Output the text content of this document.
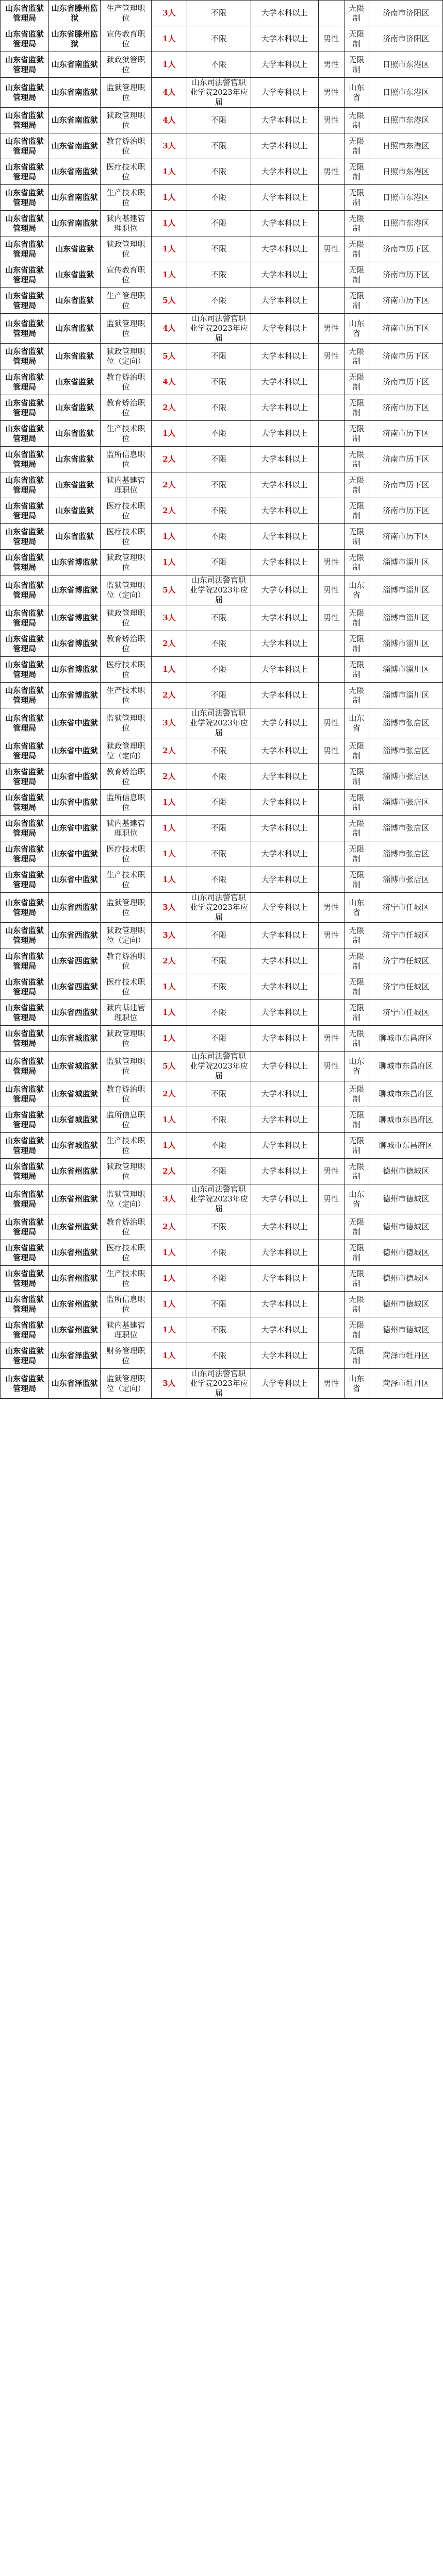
山东省监狱管理局	山东省滕州监狱	生产管理职位	3人	不限	大学本科以上		无限制	济南市济阳区
山东省监狱管理局	山东省滕州监狱	宣传教育职位	1人	不限	大学本科以上	男性	无限制	济南市济阳区
山东省监狱管理局	山东省南监狱	狱政狱管职位	1人	不限	大学本科以上	男性	无限制	日照市东港区
山东省监狱管理局	山东省南监狱	监狱管理职位	4人	山东司法警官职业学院2023年应届	大学专科以上	男性	山东省	日照市东港区
山东省监狱管理局	山东省南监狱	狱政管理职位	4人	不限	大学本科以上	男性	无限制	日照市东港区
山东省监狱管理局	山东省南监狱	教育矫治职位	3人	不限	大学本科以上		无限制	日照市东港区
山东省监狱管理局	山东省南监狱	医疗技术职位	1人	不限	大学本科以上	男性	无限制	日照市东港区
山东省监狱管理局	山东省南监狱	生产技术职位	1人	不限	大学本科以上		无限制	日照市东港区
山东省监狱管理局	山东省南监狱	狱内基建管理职位	1人	不限	大学本科以上		无限制	日照市东港区
山东省监狱管理局	山东省监狱	狱政管理职位	1人	不限	大学本科以上	男性	无限制	济南市历下区
山东省监狱管理局	山东省监狱	宣传教育职位	1人	不限	大学本科以上		无限制	济南市历下区
山东省监狱管理局	山东省监狱	生产管理职位	5人	不限	大学本科以上		无限制	济南市历下区
山东省监狱管理局	山东省监狱	监狱管理职位	4人	山东司法警官职业学院2023年应届	大学专科以上	男性	山东省	济南市历下区
山东省监狱管理局	山东省监狱	狱政管理职位（定向）	5人	不限	大学本科以上	男性	无限制	济南市历下区
山东省监狱管理局	山东省监狱	教育矫治职位	4人	不限	大学本科以上		无限制	济南市历下区
山东省监狱管理局	山东省监狱	教育矫治职位	2人	不限	大学本科以上		无限制	济南市历下区
山东省监狱管理局	山东省监狱	生产技术职位	1人	不限	大学本科以上		无限制	济南市历下区
山东省监狱管理局	山东省监狱	监所信息职位	2人	不限	大学本科以上		无限制	济南市历下区
山东省监狱管理局	山东省监狱	狱内基建管理职位	2人	不限	大学本科以上		无限制	济南市历下区
山东省监狱管理局	山东省监狱	医疗技术职位	2人	不限	大学本科以上		无限制	济南市历下区
山东省监狱管理局	山东省监狱	医疗技术职位	1人	不限	大学本科以上		无限制	济南市历下区
山东省监狱管理局	山东省博监狱	狱政管理职位	1人	不限	大学本科以上	男性	无限制	淄博市淄川区
山东省监狱管理局	山东省博监狱	监狱管理职位（定向）	5人	山东司法警官职业学院2023年应届	大学专科以上	男性	山东省	淄博市淄川区
山东省监狱管理局	山东省博监狱	狱政管理职位	3人	不限	大学本科以上	男性	无限制	淄博市淄川区
山东省监狱管理局	山东省博监狱	教育矫治职位	2人	不限	大学本科以上		无限制	淄博市淄川区
山东省监狱管理局	山东省博监狱	医疗技术职位	1人	不限	大学本科以上		无限制	淄博市淄川区
山东省监狱管理局	山东省博监狱	生产技术职位	2人	不限	大学本科以上		无限制	淄博市淄川区
山东省监狱管理局	山东省中监狱	监狱管理职位	3人	山东司法警官职业学院2023年应届	大学专科以上	男性	山东省	淄博市张店区
山东省监狱管理局	山东省中监狱	狱政管理职位（定向）	2人	不限	大学本科以上	男性	无限制	淄博市张店区
山东省监狱管理局	山东省中监狱	教育矫治职位	2人	不限	大学本科以上		无限制	淄博市张店区
山东省监狱管理局	山东省中监狱	监所信息职位	1人	不限	大学本科以上		无限制	淄博市张店区
山东省监狱管理局	山东省中监狱	狱内基建管理职位	1人	不限	大学本科以上		无限制	淄博市张店区
山东省监狱管理局	山东省中监狱	医疗技术职位	1人	不限	大学本科以上		无限制	淄博市张店区
山东省监狱管理局	山东省中监狱	生产技术职位	1人	不限	大学本科以上		无限制	淄博市张店区
山东省监狱管理局	山东省西监狱	监狱管理职位	3人	山东司法警官职业学院2023年应届	大学专科以上	男性	山东省	济宁市任城区
山东省监狱管理局	山东省西监狱	狱政管理职位（定向）	3人	不限	大学本科以上	男性	无限制	济宁市任城区
山东省监狱管理局	山东省西监狱	教育矫治职位	2人	不限	大学本科以上		无限制	济宁市任城区
山东省监狱管理局	山东省西监狱	医疗技术职位	1人	不限	大学本科以上		无限制	济宁市任城区
山东省监狱管理局	山东省西监狱	狱内基建管理职位	1人	不限	大学本科以上		无限制	济宁市任城区
山东省监狱管理局	山东省城监狱	狱政管理职位	1人	不限	大学本科以上	男性	无限制	聊城市东昌府区
山东省监狱管理局	山东省城监狱	监狱管理职位	5人	山东司法警官职业学院2023年应届	大学专科以上	男性	山东省	聊城市东昌府区
山东省监狱管理局	山东省城监狱	教育矫治职位	2人	不限	大学本科以上		无限制	聊城市东昌府区
山东省监狱管理局	山东省城监狱	监所信息职位	1人	不限	大学本科以上		无限制	聊城市东昌府区
山东省监狱管理局	山东省城监狱	生产技术职位	1人	不限	大学本科以上		无限制	聊城市东昌府区
山东省监狱管理局	山东省州监狱	狱政管理职位	2人	不限	大学本科以上	男性	无限制	德州市德城区
山东省监狱管理局	山东省州监狱	监狱管理职位（定向）	3人	山东司法警官职业学院2023年应届	大学专科以上	男性	山东省	德州市德城区
山东省监狱管理局	山东省州监狱	教育矫治职位	2人	不限	大学本科以上		无限制	德州市德城区
山东省监狱管理局	山东省州监狱	医疗技术职位	1人	不限	大学本科以上		无限制	德州市德城区
山东省监狱管理局	山东省州监狱	生产技术职位	1人	不限	大学本科以上		无限制	德州市德城区
山东省监狱管理局	山东省州监狱	监所信息职位	1人	不限	大学本科以上		无限制	德州市德城区
山东省监狱管理局	山东省州监狱	狱内基建管理职位	1人	不限	大学本科以上		无限制	德州市德城区
山东省监狱管理局	山东省泽监狱	财务管理职位	1人	不限	大学本科以上		无限制	菏泽市牡丹区
山东省监狱管理局	山东省泽监狱	监狱管理职位（定向）	3人	山东司法警官职业学院2023年应届	大学专科以上	男性	山东省	菏泽市牡丹区
